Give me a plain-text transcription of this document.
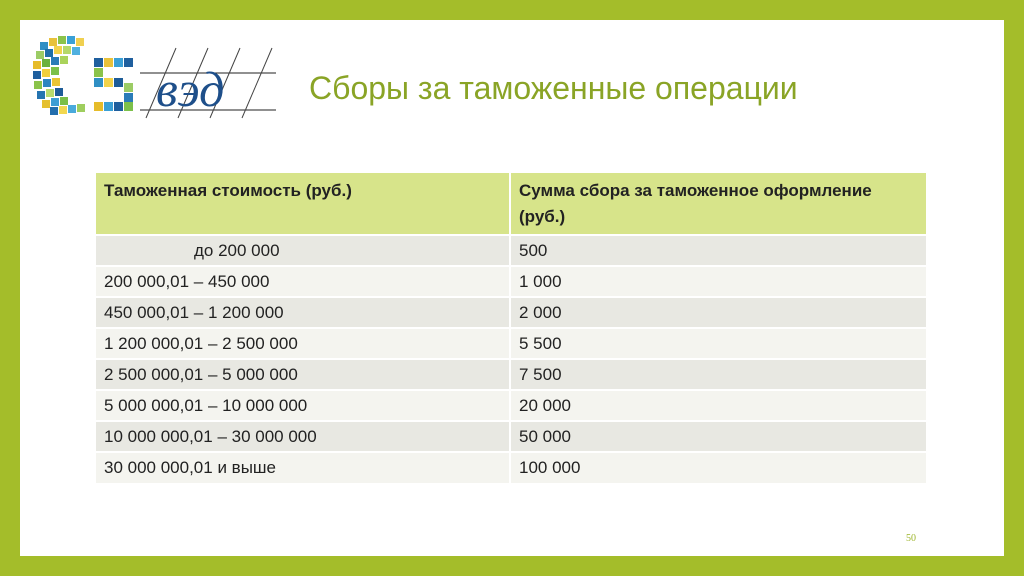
вэд	Сборы за таможенные операции
Таможенная стоимость (руб.)	Сумма сбора за таможенное оформление (руб.)
до 200 000	500
200 000,01 – 450 000	1 000
450 000,01 – 1 200 000	2 000
1 200 000,01 – 2 500 000	5 500
2 500 000,01 – 5 000 000	7 500
5 000 000,01 – 10 000 000	20 000
10 000 000,01 – 30 000 000	50 000
30 000 000,01 и выше	100 000
50
